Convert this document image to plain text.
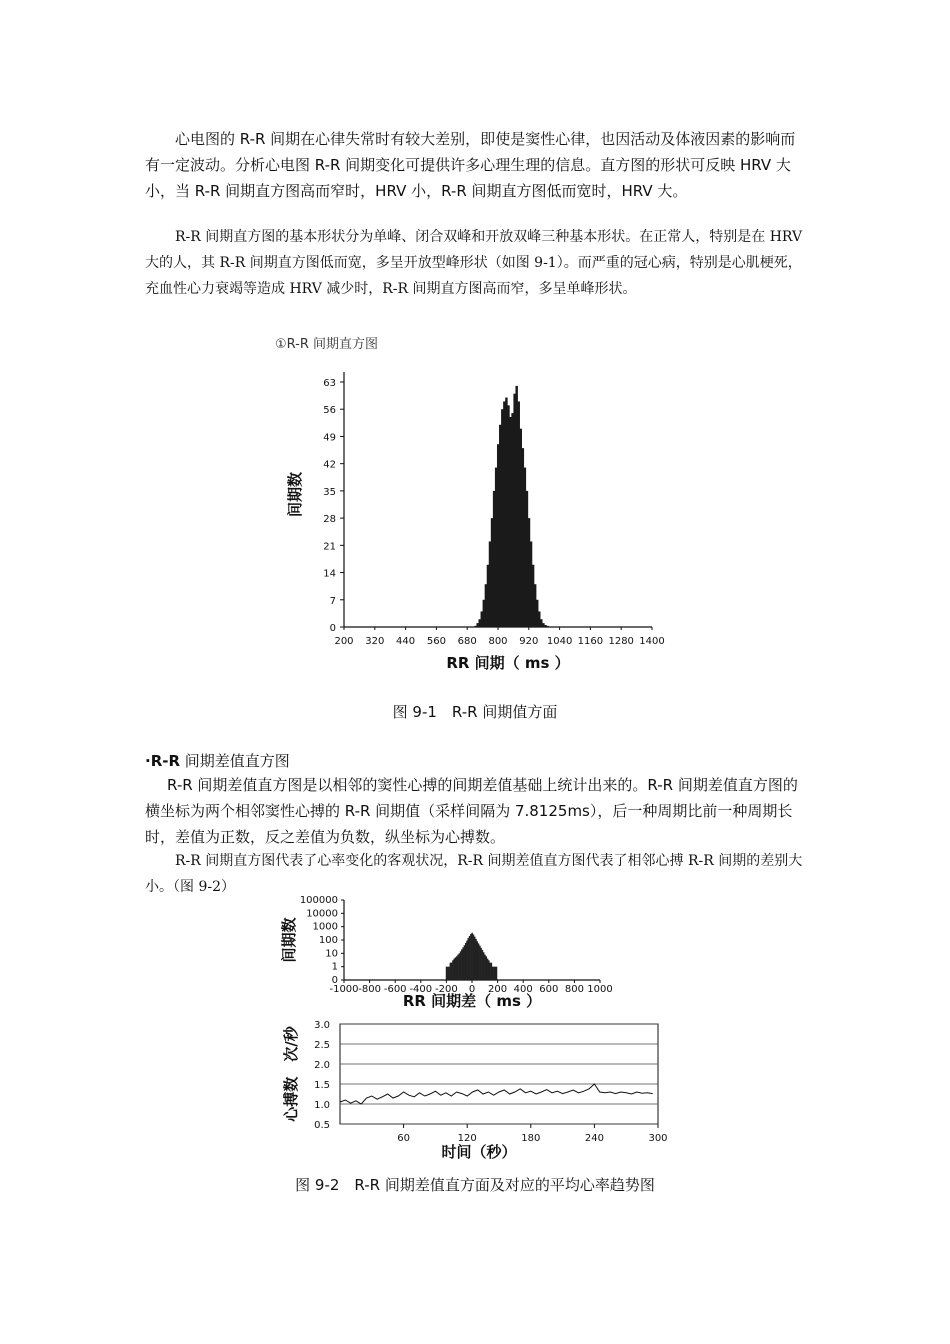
心电图的 R-R 间期在心律失常时有较大差别，即使是窦性心律，也因活动及体液因素的影响而有一定波动。分析心电图 R-R 间期变化可提供许多心理生理的信息。直方图的形状可反映 HRV 大小，当 R-R 间期直方图高而窄时，HRV 小，R-R 间期直方图低而宽时，HRV 大。

R-R 间期直方图的基本形状分为单峰、闭合双峰和开放双峰三种基本形状。在正常人，特别是在 HRV 大的人，其 R-R 间期直方图低而宽，多呈开放型峰形状（如图 9-1）。而严重的冠心病，特别是心肌梗死，充血性心力衰竭等造成 HRV 减少时，R-R 间期直方图高而窄，多呈单峰形状。

①R-R 间期直方图
0
7
14
21
28
35
42
49
56
63
200 320 440 560 680 800 920 1040 1160 1280 1400
RR 间期（ ms ）
间期数
图 9-1　R-R 间期值方面
·R-R 间期差值直方图

R-R 间期差值直方图是以相邻的窦性心搏的间期差值基础上统计出来的。R-R 间期差值直方图的横坐标为两个相邻窦性心搏的 R-R 间期值（采样间隔为 7.8125ms），后一种周期比前一种周期长时，差值为正数，反之差值为负数，纵坐标为心搏数。

R-R 间期直方图代表了心率变化的客观状况，R-R 间期差值直方图代表了相邻心搏 R-R 间期的差别大小。（图 9-2）

0
1
10
100
1000
10000
100000
-1000 -800 -600 -400 -200 0 200 400 600 800 1000
RR 间期差（ ms ）
间期数
0.5
1.0
1.5
2.0
2.5
3.0
60	120	180	240	300
时间（秒）
心搏数　次/秒
图 9-2　R-R 间期差值直方面及对应的平均心率趋势图
